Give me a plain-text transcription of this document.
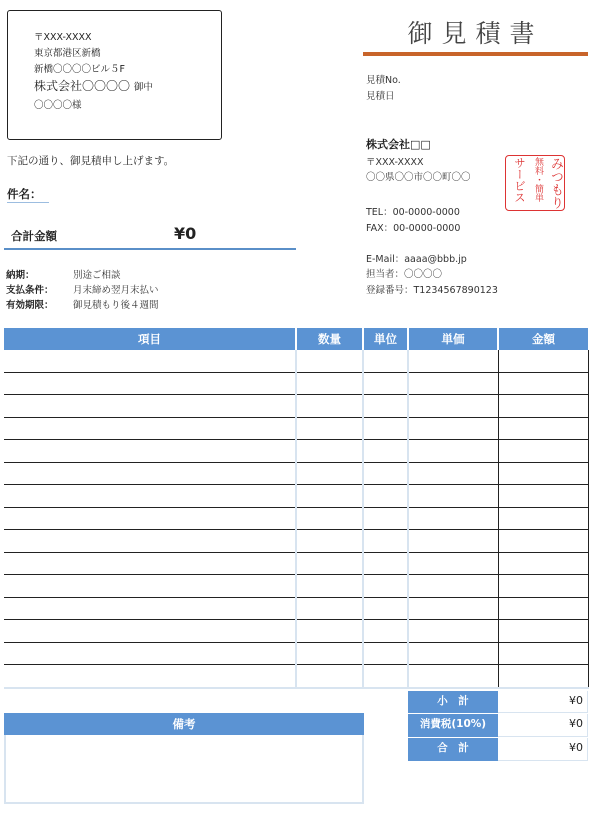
〒XXX-XXXX
東京都港区新橋
新橋〇〇〇〇ビル５F
株式会社〇〇〇〇 御中
〇〇〇〇様
御見積書
見積No.
見積日
下記の通り、御見積申し上げます。
件名：
合計金額	¥0
納期：	別途ご相談
支払条件： 月末締め翌月末払い
有効期限： 御見積もり後４週間
株式会社□□
〒XXX-XXXX
〇〇県〇〇市〇〇町〇〇
TEL：00-0000-0000
FAX：00-0000-0000
E-Mail：aaaa@bbb.jp
担当者：〇〇〇〇
登録番号：T1234567890123
みつもり
無料・簡単
サービス
項目	数量	単位	単価	金額

小　計	¥0
消費税(10%)	¥0
合　計	¥0
備考
